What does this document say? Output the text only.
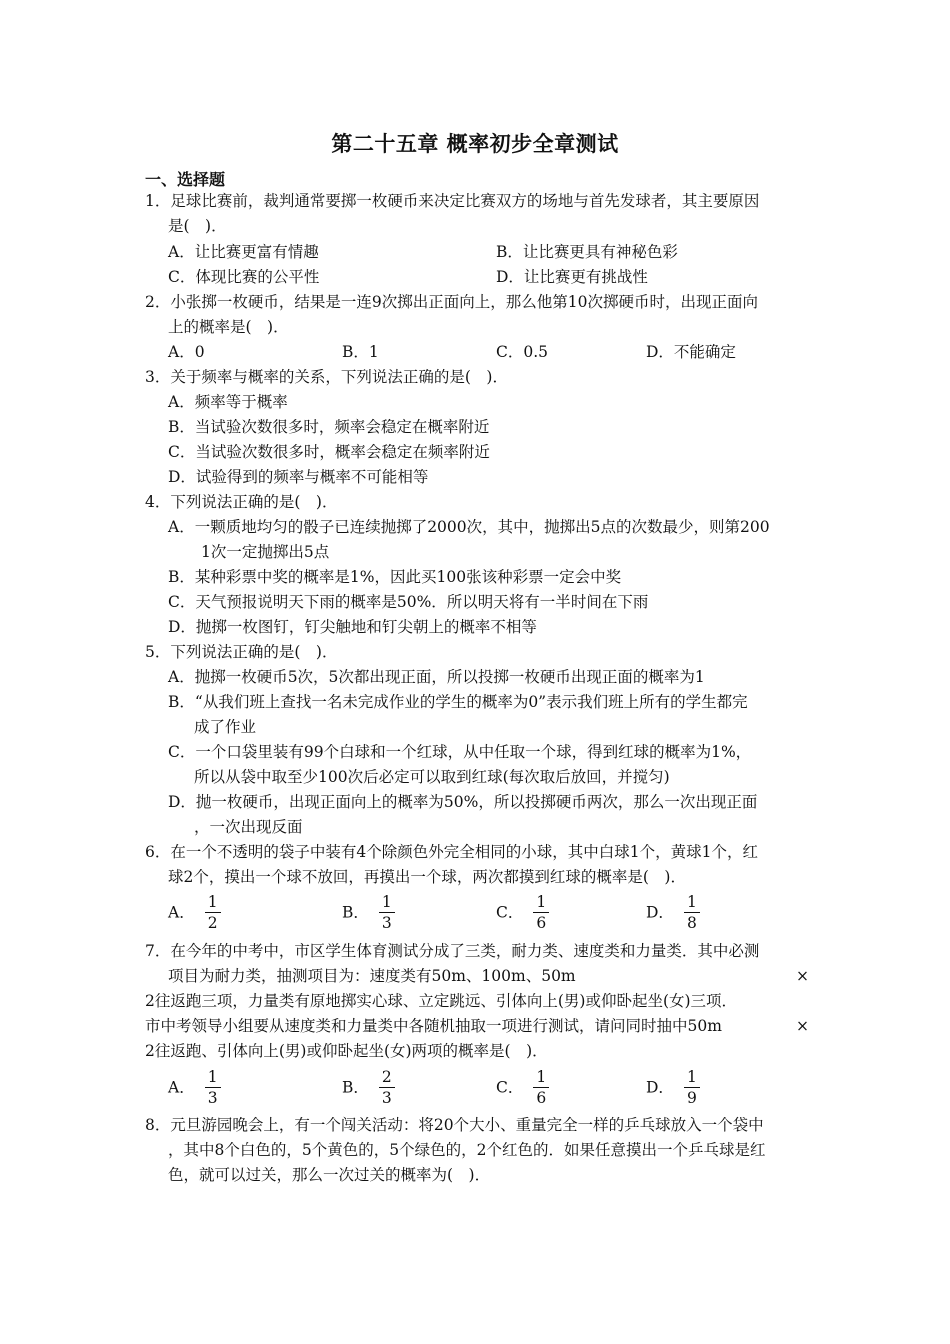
第二十五章 概率初步全章测试
一、选择题
1．足球比赛前，裁判通常要掷一枚硬币来决定比赛双方的场地与首先发球者，其主要原因
是(　)．
A．让比赛更富有情趣	B．让比赛更具有神秘色彩
C．体现比赛的公平性	D．让比赛更有挑战性
2．小张掷一枚硬币，结果是一连9次掷出正面向上，那么他第10次掷硬币时，出现正面向
上的概率是(　)．
A．0	B．1	C．0.5	D．不能确定
3．关于频率与概率的关系，下列说法正确的是(　)．
A．频率等于概率
B．当试验次数很多时，频率会稳定在概率附近
C．当试验次数很多时，概率会稳定在频率附近
D．试验得到的频率与概率不可能相等
4．下列说法正确的是(　)．
A．一颗质地均匀的骰子已连续抛掷了2000次，其中，抛掷出5点的次数最少，则第200
1次一定抛掷出5点
B．某种彩票中奖的概率是1%，因此买100张该种彩票一定会中奖
C．天气预报说明天下雨的概率是50%．所以明天将有一半时间在下雨
D．抛掷一枚图钉，钉尖触地和钉尖朝上的概率不相等
5．下列说法正确的是(　)．
A．抛掷一枚硬币5次，5次都出现正面，所以投掷一枚硬币出现正面的概率为1
B．“从我们班上查找一名未完成作业的学生的概率为0”表示我们班上所有的学生都完
成了作业
C．一个口袋里装有99个白球和一个红球，从中任取一个球，得到红球的概率为1%，
所以从袋中取至少100次后必定可以取到红球(每次取后放回，并搅匀)
D．抛一枚硬币，出现正面向上的概率为50%，所以投掷硬币两次，那么一次出现正面
，一次出现反面
6．在一个不透明的袋子中装有4个除颜色外完全相同的小球，其中白球1个，黄球1个，红
球2个，摸出一个球不放回，再摸出一个球，两次都摸到红球的概率是(　)．
A． $\frac{1}{2}$	B． $\frac{1}{3}$	C． $\frac{1}{6}$	D． $\frac{1}{8}$
7．在今年的中考中，市区学生体育测试分成了三类，耐力类、速度类和力量类．其中必测
项目为耐力类，抽测项目为：速度类有50m、100m、50m	×
2往返跑三项，力量类有原地掷实心球、立定跳远、引体向上(男)或仰卧起坐(女)三项．
市中考领导小组要从速度类和力量类中各随机抽取一项进行测试，请问同时抽中50m	×
2往返跑、引体向上(男)或仰卧起坐(女)两项的概率是(　)．
A． $\frac{1}{3}$	B． $\frac{2}{3}$	C． $\frac{1}{6}$	D． $\frac{1}{9}$
8．元旦游园晚会上，有一个闯关活动：将20个大小、重量完全一样的乒乓球放入一个袋中
，其中8个白色的，5个黄色的，5个绿色的，2个红色的．如果任意摸出一个乒乓球是红
色，就可以过关，那么一次过关的概率为(　)．
